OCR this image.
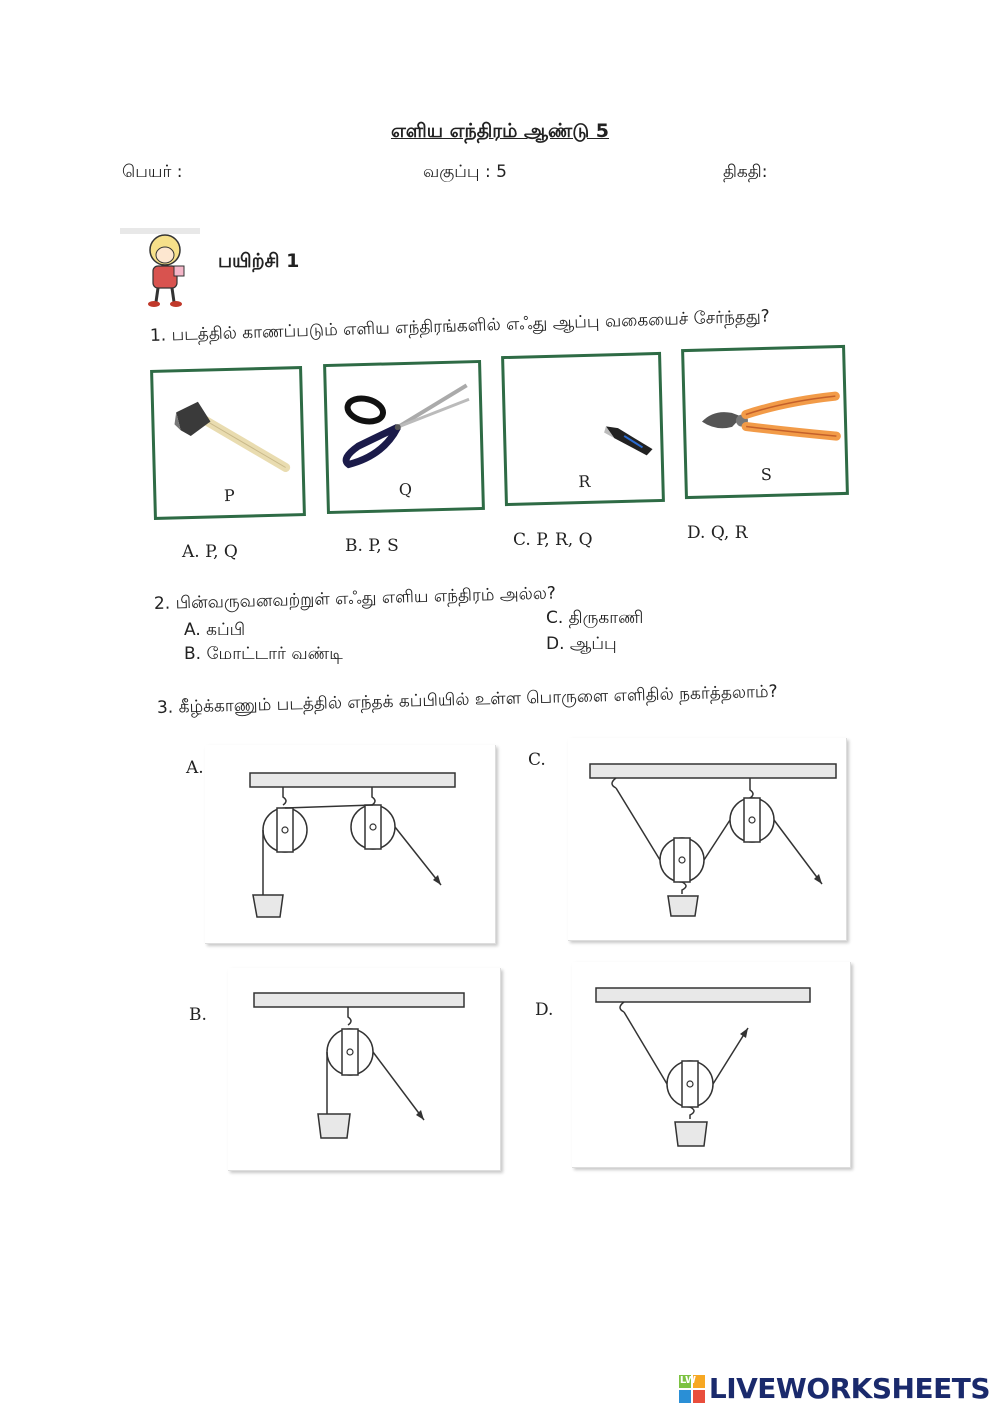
எளிய எந்திரம் ஆண்டு 5
பெயர் :	வகுப்பு : 5	திகதி:
பயிற்சி 1
1. படத்தில் காணப்படும் எளிய எந்திரங்களில் எஃது ஆப்பு வகையைச் சேர்ந்தது?
P	Q	R	S
A. P, Q	B. P, S	C. P, R, Q	D. Q, R
2. பின்வருவனவற்றுள் எஃது எளிய எந்திரம் அல்ல?
A. கப்பி
B. மோட்டார் வண்டி
C. திருகாணி
D. ஆப்பு
3. கீழ்க்காணும் படத்தில் எந்தக் கப்பியில் உள்ள பொருளை எளிதில் நகர்த்தலாம்?
A.	C.
B.	D.
LW LIVEWORKSHEETS
